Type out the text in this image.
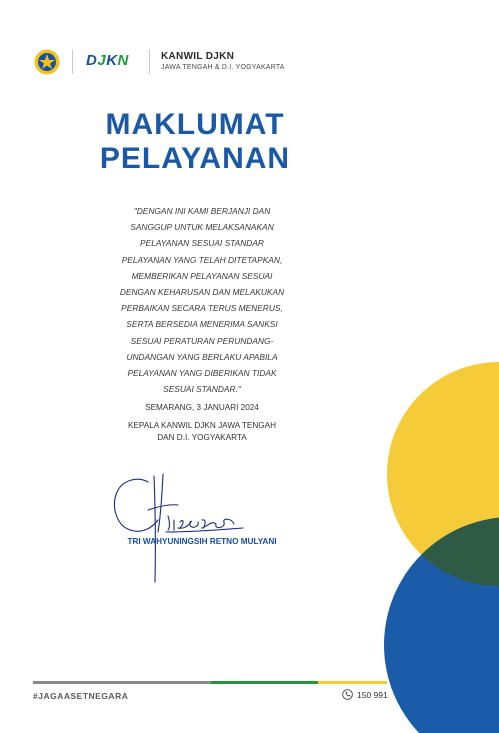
DJKN	KANWIL DJKN
JAWA TENGAH & D.I. YOGYAKARTA
MAKLUMAT
PELAYANAN
"DENGAN INI KAMI BERJANJI DAN
SANGGUP UNTUK MELAKSANAKAN
PELAYANAN SESUAI STANDAR
PELAYANAN YANG TELAH DITETAPKAN,
MEMBERIKAN PELAYANAN SESUAI
DENGAN KEHARUSAN DAN MELAKUKAN
PERBAIKAN SECARA TERUS MENERUS,
SERTA BERSEDIA MENERIMA SANKSI
SESUAI PERATURAN PERUNDANG-
UNDANGAN YANG BERLAKU APABILA
PELAYANAN YANG DIBERIKAN TIDAK
SESUAI STANDAR."
SEMARANG, 3 JANUARI 2024
KEPALA KANWIL DJKN JAWA TENGAH
DAN D.I. YOGYAKARTA
TRI WAHYUNINGSIH RETNO MULYANI
#JAGAASETNEGARA	150 991
